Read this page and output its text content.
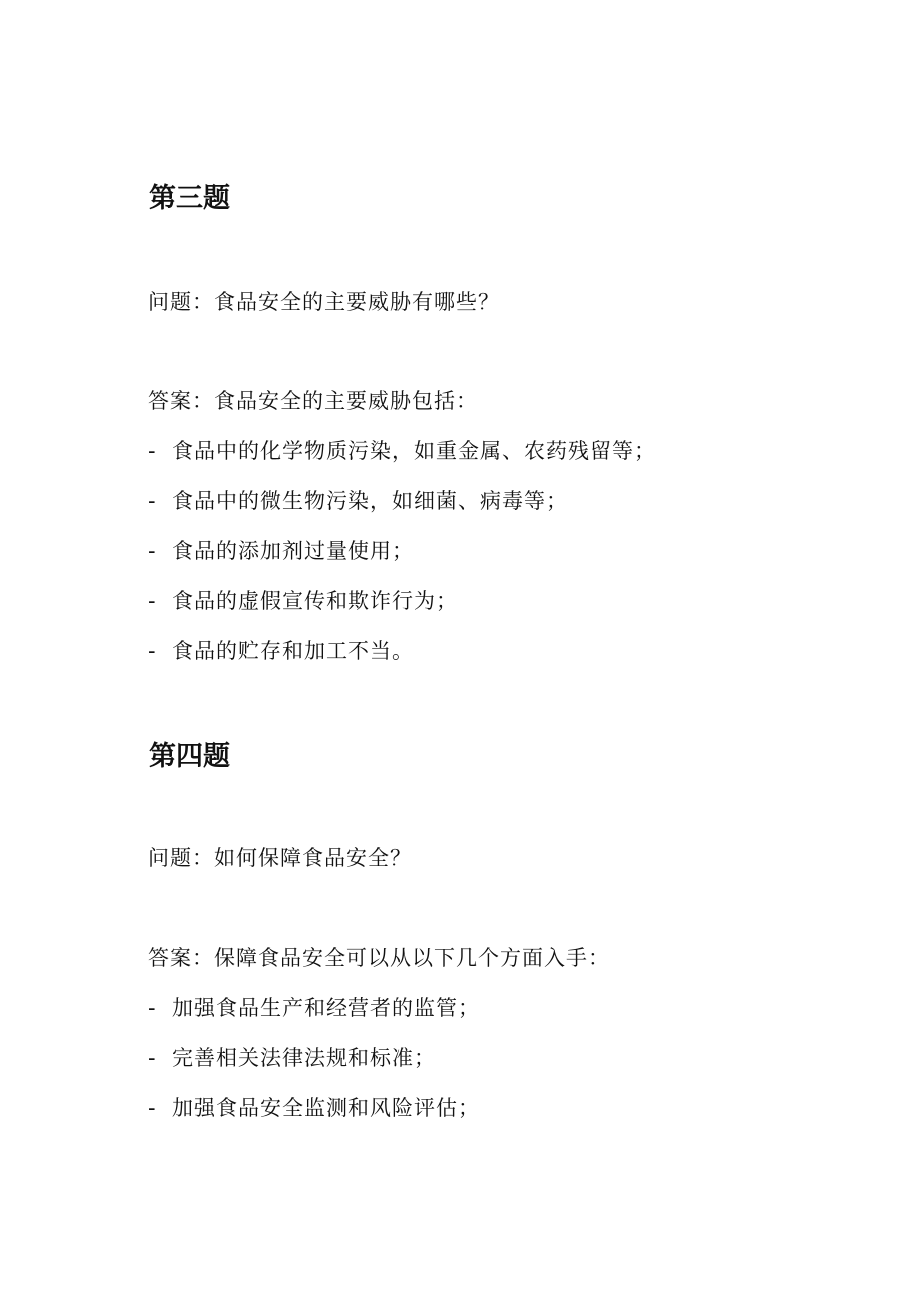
第三题

问题：食品安全的主要威胁有哪些？

答案：食品安全的主要威胁包括：

- 食品中的化学物质污染，如重金属、农药残留等；

- 食品中的微生物污染，如细菌、病毒等；

- 食品的添加剂过量使用；

- 食品的虚假宣传和欺诈行为；

- 食品的贮存和加工不当。

第四题

问题：如何保障食品安全？

答案：保障食品安全可以从以下几个方面入手：

- 加强食品生产和经营者的监管；

- 完善相关法律法规和标准；

- 加强食品安全监测和风险评估；
